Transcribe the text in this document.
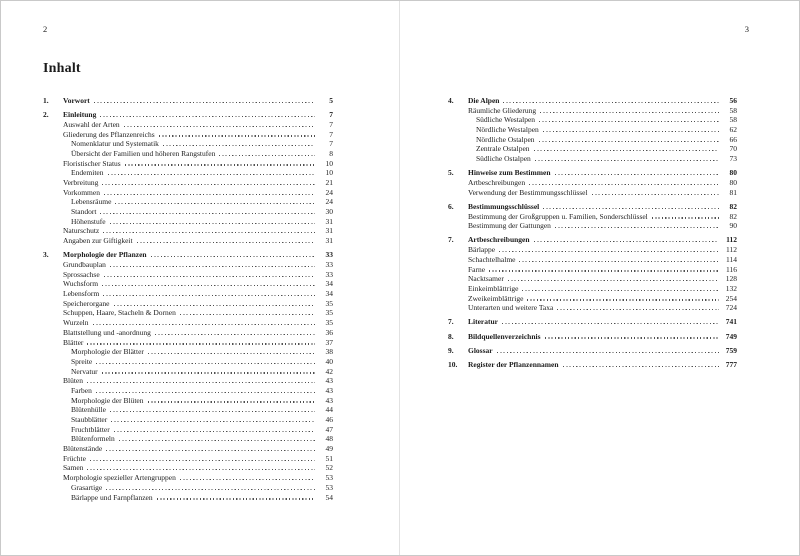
2
Inhalt
1.	Vorwort	5
2.	Einleitung	7
Auswahl der Arten	7
Gliederung des Pflanzenreichs	7
Nomenklatur und Systematik	7
Übersicht der Familien und höheren Rangstufen	8
Floristischer Status	10
Endemiten	10
Verbreitung	21
Vorkommen	24
Lebensräume	24
Standort	30
Höhenstufe	31
Naturschutz	31
Angaben zur Giftigkeit	31
3.	Morphologie der Pflanzen	33
Grundbauplan	33
Sprossachse	33
Wuchsform	34
Lebensform	34
Speicherorgane	35
Schuppen, Haare, Stacheln & Dornen	35
Wurzeln	35
Blattstellung und -anordnung	36
Blätter	37
Morphologie der Blätter	38
Spreite	40
Nervatur	42
Blüten	43
Farben	43
Morphologie der Blüten	43
Blütenhülle	44
Staubblätter	46
Fruchtblätter	47
Blütenformeln	48
Blütenstände	49
Früchte	51
Samen	52
Morphologie spezieller Artengruppen	53
Grasartige	53
Bärlappe und Farnpflanzen	54
3
4.	Die Alpen	56
Räumliche Gliederung	58
Südliche Westalpen	58
Nördliche Westalpen	62
Nördliche Ostalpen	66
Zentrale Ostalpen	70
Südliche Ostalpen	73
5.	Hinweise zum Bestimmen	80
Artbeschreibungen	80
Verwendung der Bestimmungsschlüssel	81
6.	Bestimmungsschlüssel	82
Bestimmung der Großgruppen u. Familien, Sonderschlüssel	82
Bestimmung der Gattungen	90
7.	Artbeschreibungen	112
Bärlappe	112
Schachtelhalme	114
Farne	116
Nacktsamer	128
Einkeimblättrige	132
Zweikeimblättrige	254
Unterarten und weitere Taxa	724
7.	Literatur	741
8.	Bildquellenverzeichnis	749
9.	Glossar	759
10.	Register der Pflanzennamen	777
